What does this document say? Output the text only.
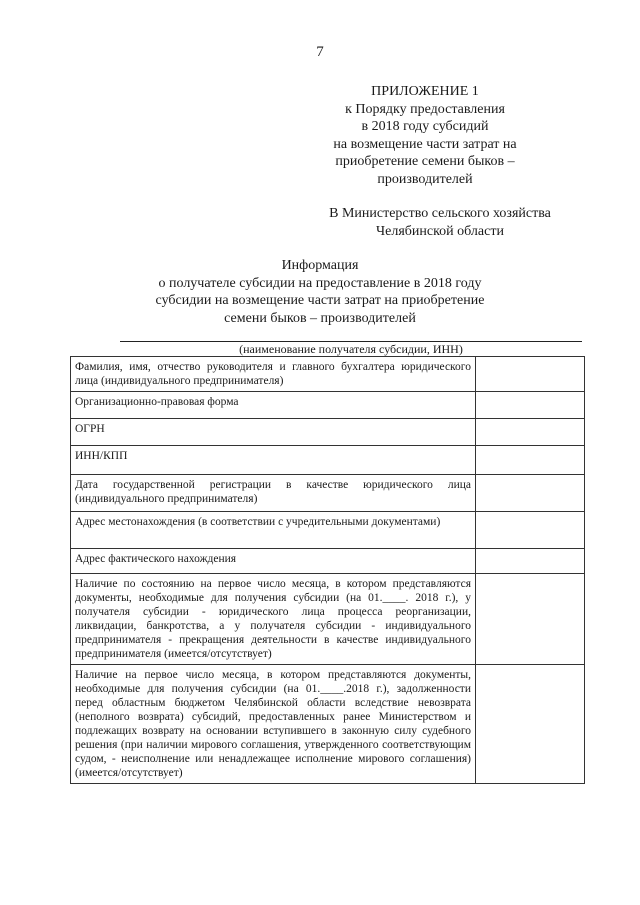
7
ПРИЛОЖЕНИЕ 1
к Порядку предоставления
в 2018 году субсидий
на возмещение части затрат на
приобретение семени быков –
производителей
В Министерство сельского хозяйства
Челябинской области
Информация
о получателе субсидии на предоставление в 2018 году
субсидии на возмещение части затрат на приобретение
семени быков – производителей
(наименование получателя субсидии, ИНН)
Фамилия, имя, отчество руководителя и главного бухгалтера юридического лица (индивидуального предпринимателя)	
Организационно-правовая форма	
ОГРН	
ИНН/КПП	
Дата государственной регистрации в качестве юридического лица (индивидуального предпринимателя)	
Адрес местонахождения (в соответствии с учредительными документами)	
Адрес фактического нахождения	
Наличие по состоянию на первое число месяца, в котором представляются документы, необходимые для получения субсидии (на 01.____. 2018 г.), у получателя субсидии - юридического лица процесса реорганизации, ликвидации, банкротства, а у получателя субсидии - индивидуального предпринимателя - прекращения деятельности в качестве индивидуального предпринимателя (имеется/отсутствует)	
Наличие на первое число месяца, в котором представляются документы, необходимые для получения субсидии (на 01.____.2018 г.), задолженности перед областным бюджетом Челябинской области вследствие невозврата (неполного возврата) субсидий, предоставленных ранее Министерством и подлежащих возврату на основании вступившего в законную силу судебного решения (при наличии мирового соглашения, утвержденного соответствующим судом, - неисполнение или ненадлежащее исполнение мирового соглашения) (имеется/отсутствует)	
